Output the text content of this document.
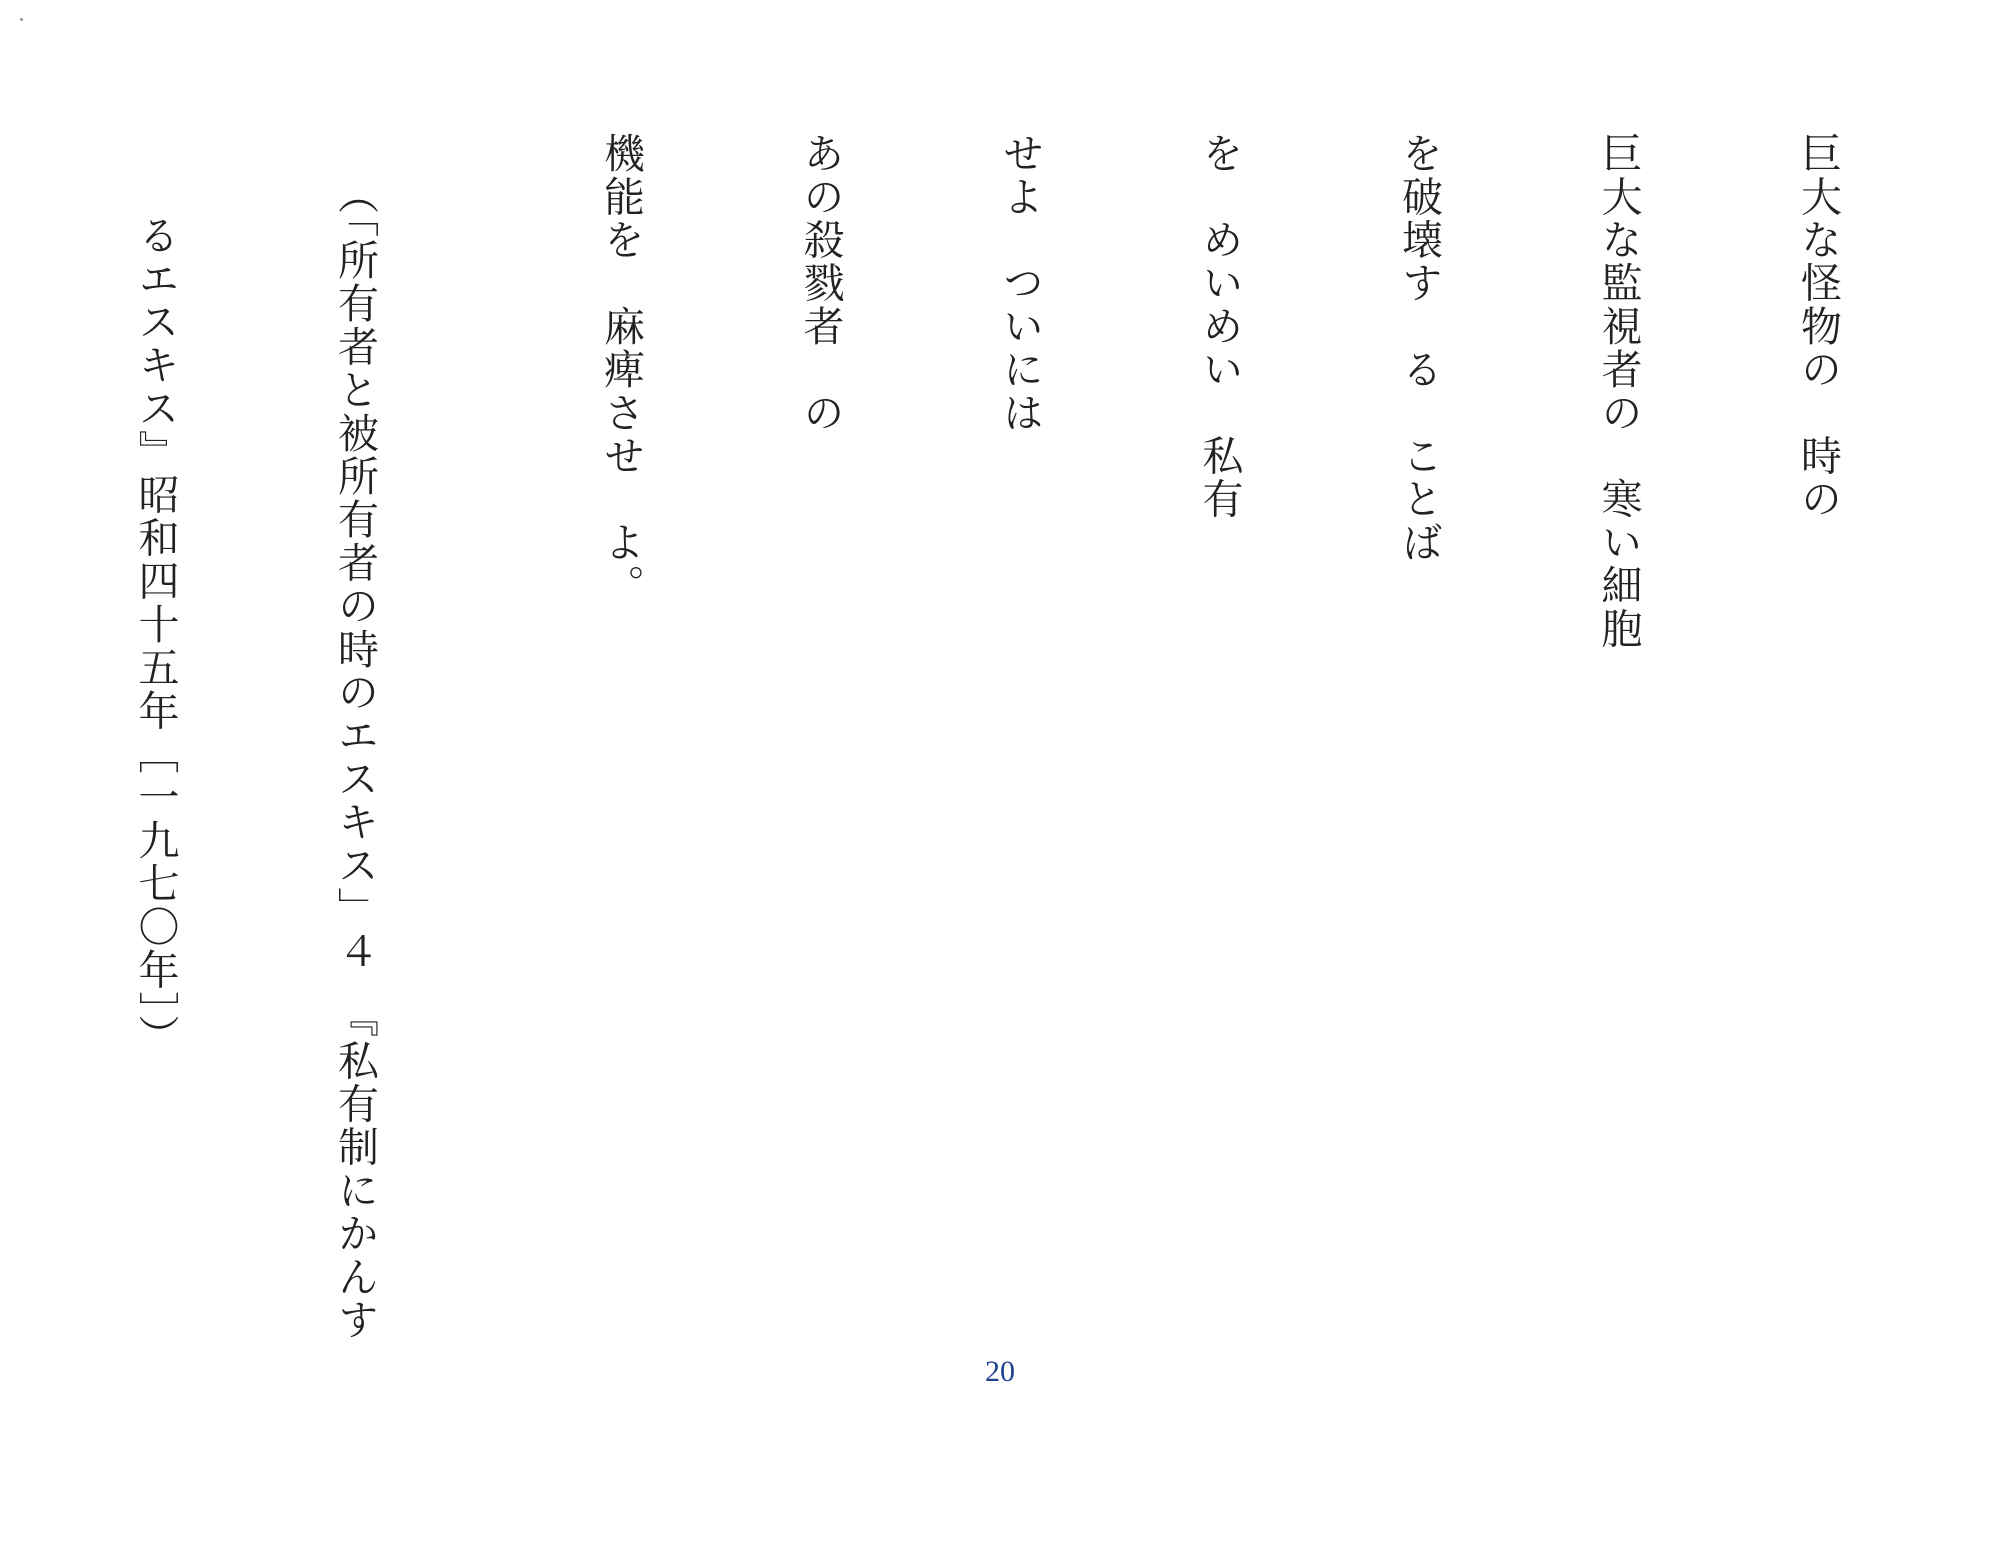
巨大な怪物の　時の

巨大な監視者の　寒い細胞

を破壊す　る　ことば

を　めいめい　私有

せよ　ついには

あの殺戮者　の

機能を　麻痺させ　よ。

（「所有者と被所有者の時のエスキス」４　『私有制にかんす

るエスキス』昭和四十五年［一九七〇年］）

20
